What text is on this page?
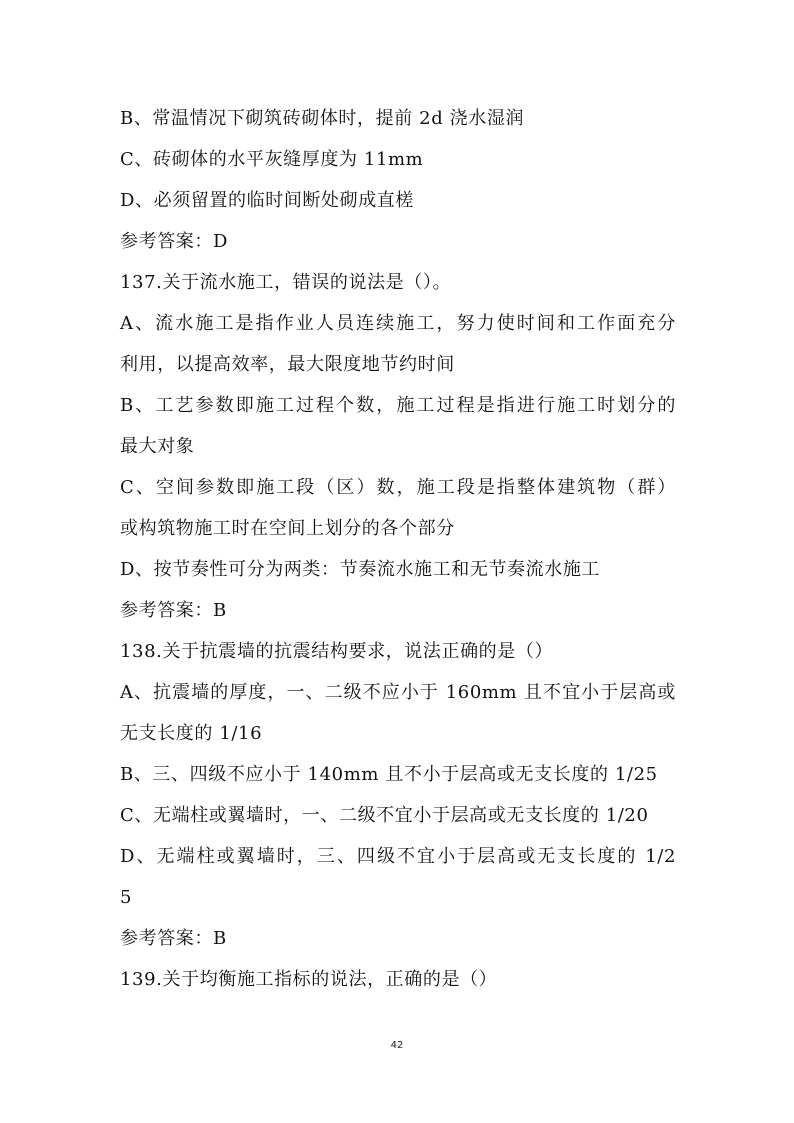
B、常温情况下砌筑砖砌体时，提前 2d 浇水湿润
C、砖砌体的水平灰缝厚度为 11mm
D、必须留置的临时间断处砌成直槎
参考答案：D
137.关于流水施工，错误的说法是（）。
A、流水施工是指作业人员连续施工，努力使时间和工作面充分
利用，以提高效率，最大限度地节约时间
B、工艺参数即施工过程个数，施工过程是指进行施工时划分的
最大对象
C、空间参数即施工段（区）数，施工段是指整体建筑物（群）
或构筑物施工时在空间上划分的各个部分
D、按节奏性可分为两类：节奏流水施工和无节奏流水施工
参考答案：B
138.关于抗震墙的抗震结构要求，说法正确的是（）
A、抗震墙的厚度，一、二级不应小于 160mm 且不宜小于层高或
无支长度的 1/16
B、三、四级不应小于 140mm 且不小于层高或无支长度的 1/25
C、无端柱或翼墙时，一、二级不宜小于层高或无支长度的 1/20
D、无端柱或翼墙时，三、四级不宜小于层高或无支长度的 1/2
5
参考答案：B
139.关于均衡施工指标的说法，正确的是（）
42
